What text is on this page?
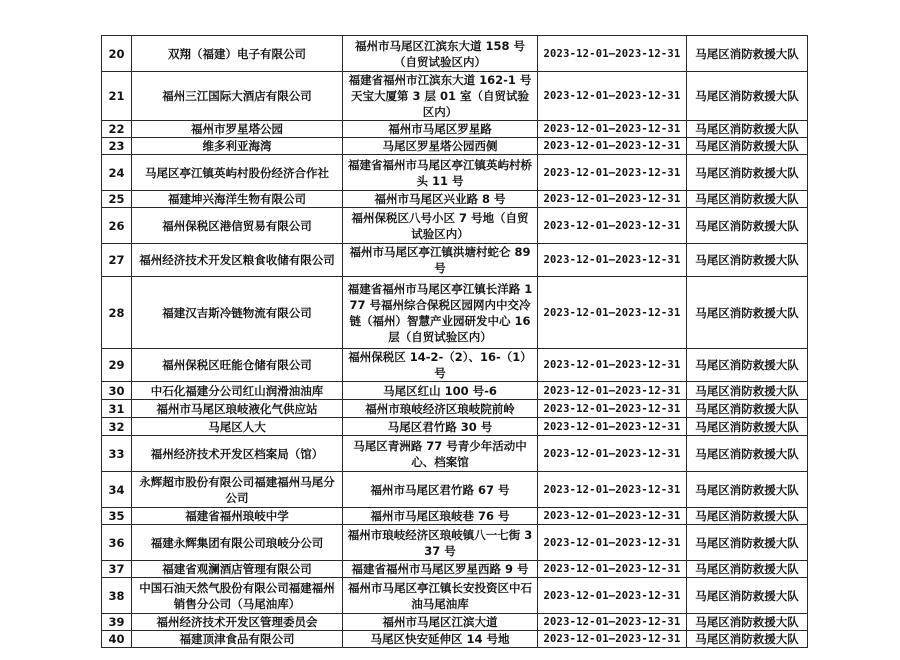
20	双翔（福建）电子有限公司	福州市马尾区江滨东大道 158 号（自贸试验区内）	2023-12-01—2023-12-31	马尾区消防救援大队
21	福州三江国际大酒店有限公司	福建省福州市江滨东大道 162-1 号天宝大厦第 3 层 01 室（自贸试验区内）	2023-12-01—2023-12-31	马尾区消防救援大队
22	福州市罗星塔公园	福州市马尾区罗星路	2023-12-01—2023-12-31	马尾区消防救援大队
23	维多利亚海湾	马尾区罗星塔公园西侧	2023-12-01—2023-12-31	马尾区消防救援大队
24	马尾区亭江镇英屿村股份经济合作社	福建省福州市马尾区亭江镇英屿村桥头 11 号	2023-12-01—2023-12-31	马尾区消防救援大队
25	福建坤兴海洋生物有限公司	福州市马尾区兴业路 8 号	2023-12-01—2023-12-31	马尾区消防救援大队
26	福州保税区港信贸易有限公司	福州保税区八号小区 7 号地（自贸试验区内）	2023-12-01—2023-12-31	马尾区消防救援大队
27	福州经济技术开发区粮食收储有限公司	福州市马尾区亭江镇洪塘村蛇仑 89 号	2023-12-01—2023-12-31	马尾区消防救援大队
28	福建汉吉斯冷链物流有限公司	福建省福州市马尾区亭江镇长洋路 177 号福州综合保税区园网内中交冷链（福州）智慧产业园研发中心 16 层（自贸试验区内）	2023-12-01—2023-12-31	马尾区消防救援大队
29	福州保税区旺能仓储有限公司	福州保税区 14-2-（2）、16-（1）号	2023-12-01—2023-12-31	马尾区消防救援大队
30	中石化福建分公司红山润滑油油库	马尾区红山 100 号-6	2023-12-01—2023-12-31	马尾区消防救援大队
31	福州市马尾区琅岐液化气供应站	福州市琅岐经济区琅岐院前岭	2023-12-01—2023-12-31	马尾区消防救援大队
32	马尾区人大	马尾区君竹路 30 号	2023-12-01—2023-12-31	马尾区消防救援大队
33	福州经济技术开发区档案局（馆）	马尾区青洲路 77 号青少年活动中心、档案馆	2023-12-01—2023-12-31	马尾区消防救援大队
34	永辉超市股份有限公司福建福州马尾分公司	福州市马尾区君竹路 67 号	2023-12-01—2023-12-31	马尾区消防救援大队
35	福建省福州琅岐中学	福州市马尾区琅岐巷 76 号	2023-12-01—2023-12-31	马尾区消防救援大队
36	福建永辉集团有限公司琅岐分公司	福州市琅岐经济区琅岐镇八一七街 337 号	2023-12-01—2023-12-31	马尾区消防救援大队
37	福建省观澜酒店管理有限公司	福建省福州市马尾区罗星西路 9 号	2023-12-01—2023-12-31	马尾区消防救援大队
38	中国石油天然气股份有限公司福建福州销售分公司（马尾油库）	福州市马尾区亭江镇长安投资区中石油马尾油库	2023-12-01—2023-12-31	马尾区消防救援大队
39	福州经济技术开发区管理委员会	福州市马尾区江滨大道	2023-12-01—2023-12-31	马尾区消防救援大队
40	福建顶津食品有限公司	马尾区快安延伸区 14 号地	2023-12-01—2023-12-31	马尾区消防救援大队
